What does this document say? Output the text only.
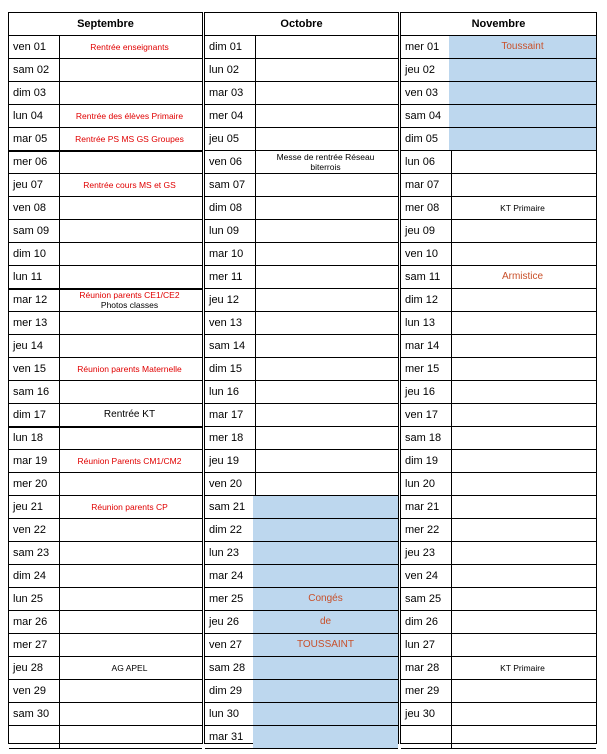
Septembre
ven 01	Rentrée enseignants
sam 02
dim 03
lun 04	Rentrée des élèves Primaire
mar 05	Rentrée PS MS GS Groupes
mer 06
jeu 07	Rentrée cours MS et GS
ven 08
sam 09
dim 10
lun 11
mar 12	Réunion parents CE1/CE2
Photos classes
mer 13
jeu 14
ven 15	Réunion parents Maternelle
sam 16
dim 17	Rentrée KT
lun 18
mar 19	Réunion Parents CM1/CM2
mer 20
jeu 21	Réunion parents CP
ven 22
sam 23
dim 24
lun 25
mar 26
mer 27
jeu 28	AG APEL
ven 29
sam 30
Octobre
dim 01
lun 02
mar 03
mer 04
jeu 05
ven 06	Messe de rentrée Réseau
biterrois
sam 07
dim 08
lun 09
mar 10
mer 11
jeu 12
ven 13
sam 14
dim 15
lun 16
mar 17
mer 18
jeu 19
ven 20
sam 21
dim 22
lun 23
mar 24
mer 25	Congés
jeu 26	de
ven 27	TOUSSAINT
sam 28
dim 29
lun 30
mar 31
Novembre
mer 01	Toussaint
jeu 02
ven 03
sam 04
dim 05
lun 06
mar 07
mer 08	KT Primaire
jeu 09
ven 10
sam 11	Armistice
dim 12
lun 13
mar 14
mer 15
jeu 16
ven 17
sam 18
dim 19
lun 20
mar 21
mer 22
jeu 23
ven 24
sam 25
dim 26
lun 27
mar 28	KT Primaire
mer 29
jeu 30
